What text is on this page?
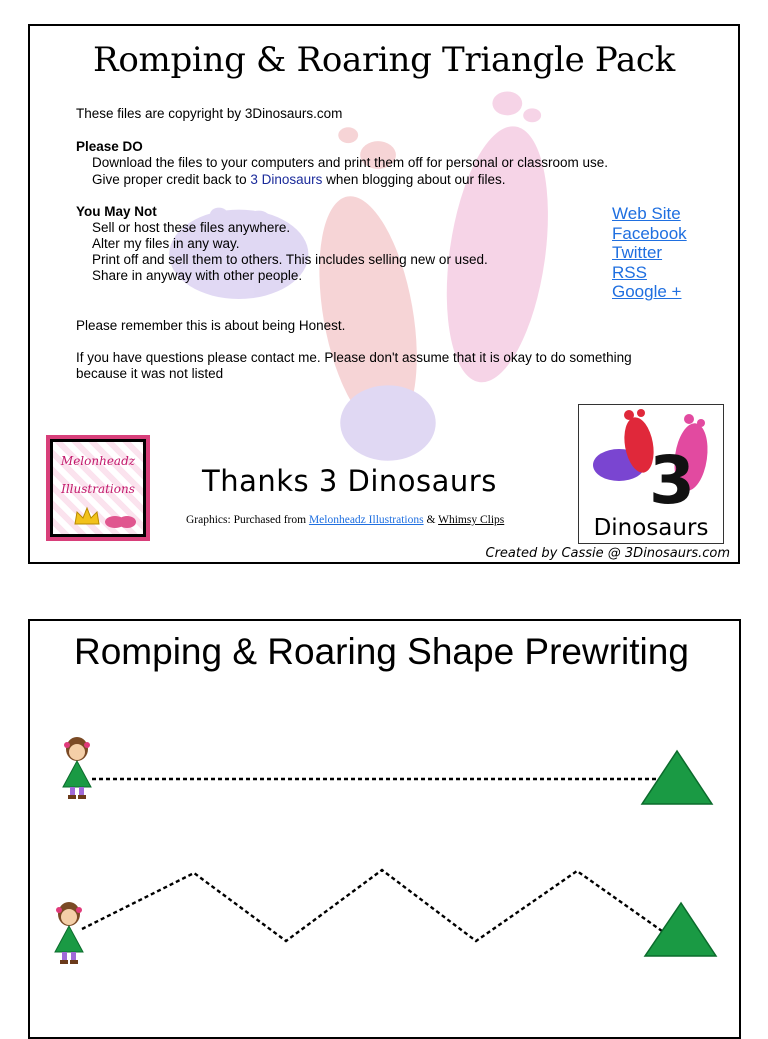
Romping & Roaring Triangle Pack
These files are copyright by 3Dinosaurs.com
Please DO
Download the files to your computers and print them off for personal or classroom use.
Give proper credit back to 3 Dinosaurs when blogging about our files.
You May Not
Sell or host these files anywhere.
Alter my files in any way.
Print off and sell them to others. This includes selling new or used.
Share in anyway with other people.
Please remember this is about being Honest.
If you have questions please contact me. Please don't assume that it is okay to do something
because it was not listed
Web Site
Facebook
Twitter
RSS
Google +
Melonheadz
Illustrations Thanks 3 Dinosaurs
Graphics: Purchased from Melonheadz Illustrations & Whimsy Clips
3
Dinosaurs
Created by Cassie @ 3Dinosaurs.com
Romping & Roaring Shape Prewriting
